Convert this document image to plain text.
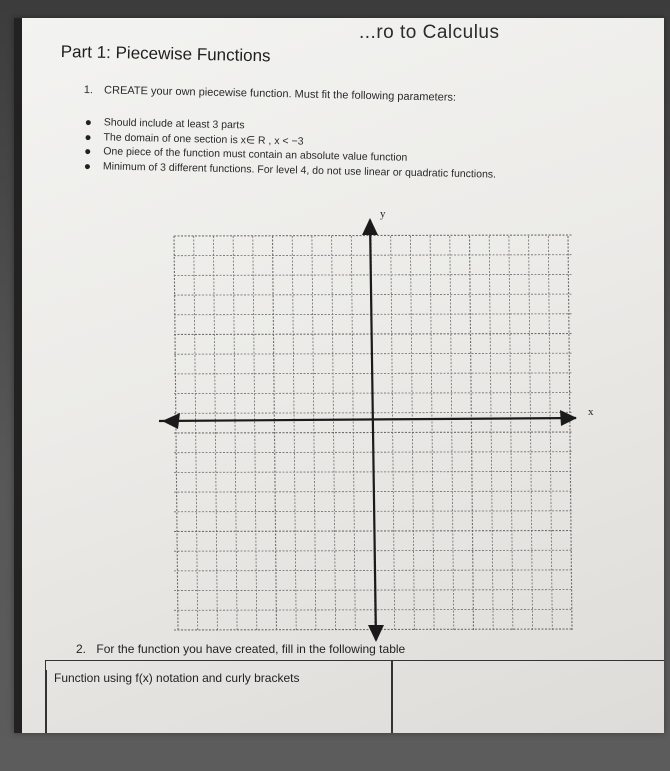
...ro to Calculus
Part 1: Piecewise Functions
1. CREATE your own piecewise function. Must fit the following parameters:
Should include at least 3 parts
The domain of one section is x∈ R , x < −3
One piece of the function must contain an absolute value function
Minimum of 3 different functions. For level 4, do not use linear or quadratic functions.
y
x
2. For the function you have created, fill in the following table
Function using f(x) notation and curly brackets
